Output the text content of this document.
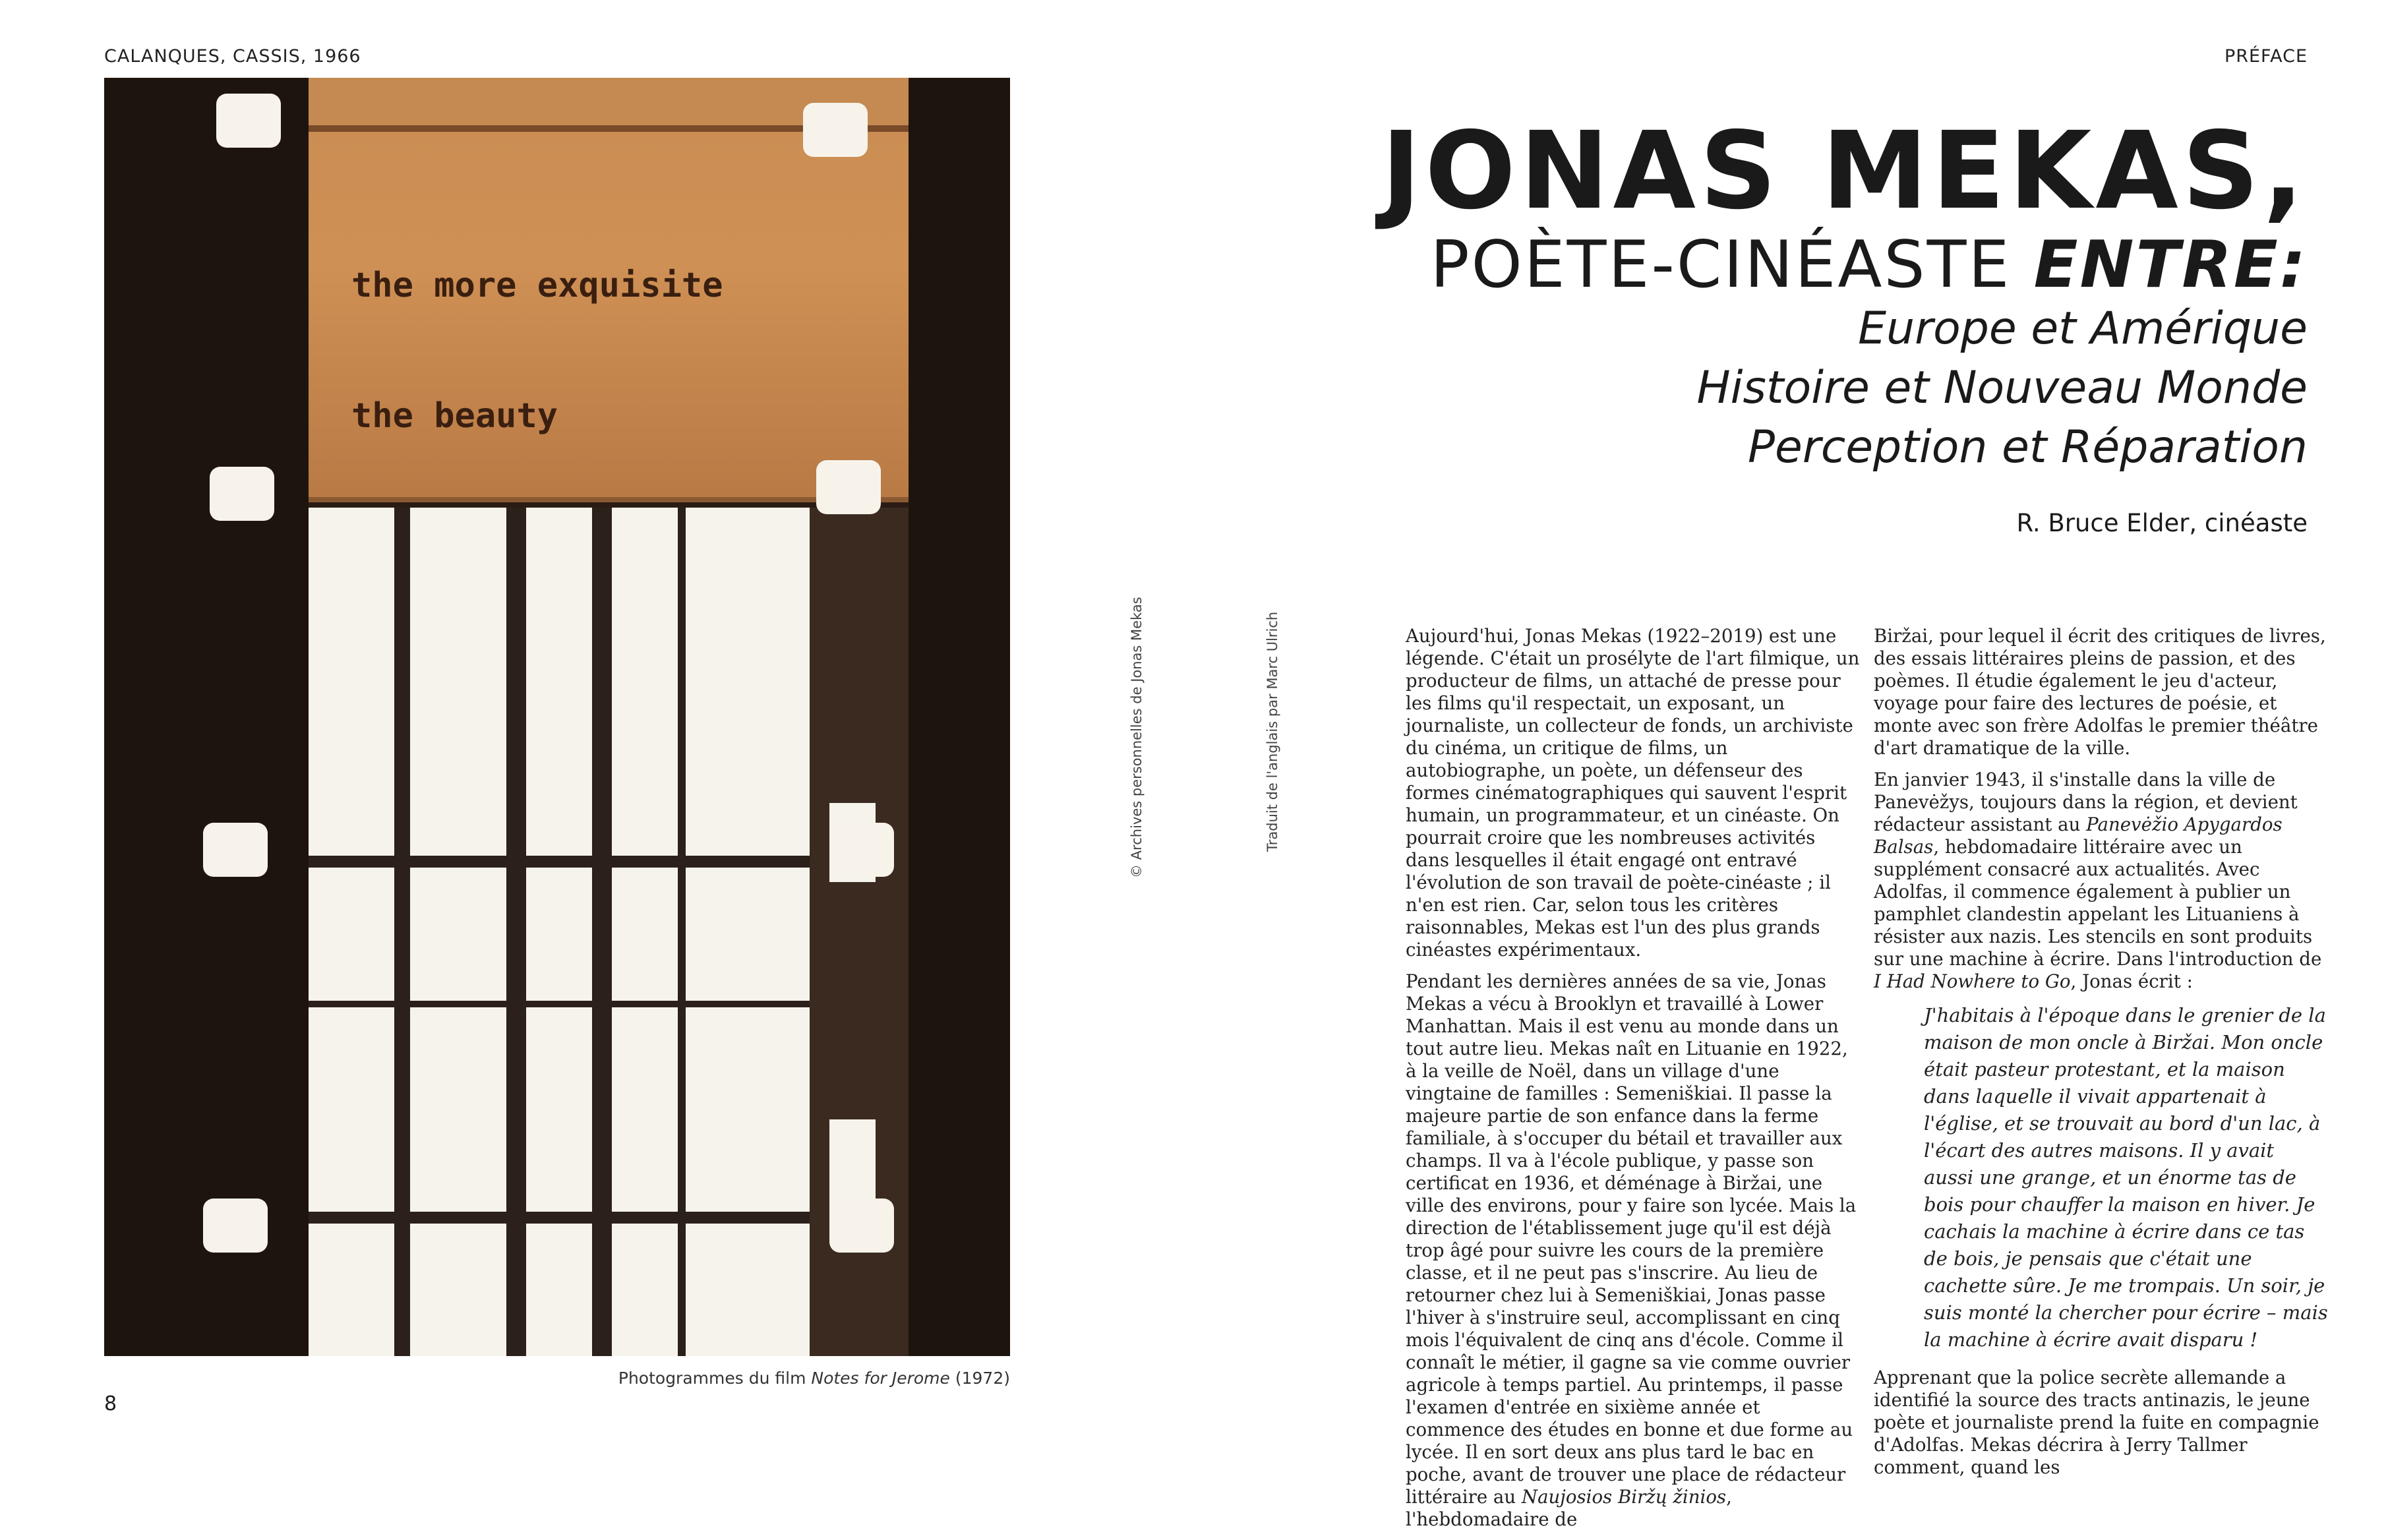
CALANQUES, CASSIS, 1966	PRÉFACE

the more exquisite

the beauty

Photogrammes du film Notes for Jerome (1972)
8
© Archives personnelles de Jonas Mekas	Traduit de l'anglais par Marc Ulrich
JONAS MEKAS,
POÈTE-CINÉASTE ENTRE:
Europe et Amérique
Histoire et Nouveau Monde
Perception et Réparation
R. Bruce Elder, cinéaste

Aujourd'hui, Jonas Mekas (1922–2019) est une légende. C'était un prosélyte de l'art filmique, un producteur de films, un attaché de presse pour les films qu'il respectait, un exposant, un journaliste, un collecteur de fonds, un archiviste du cinéma, un critique de films, un autobiographe, un poète, un défenseur des formes cinématographiques qui sauvent l'esprit humain, un programmateur, et un cinéaste. On pourrait croire que les nombreuses activités dans lesquelles il était engagé ont entravé l'évolution de son travail de poète-cinéaste ; il n'en est rien. Car, selon tous les critères raisonnables, Mekas est l'un des plus grands cinéastes expérimentaux.

Pendant les dernières années de sa vie, Jonas Mekas a vécu à Brooklyn et travaillé à Lower Manhattan. Mais il est venu au monde dans un tout autre lieu. Mekas naît en Lituanie en 1922, à la veille de Noël, dans un village d'une vingtaine de familles : Semeniškiai. Il passe la majeure partie de son enfance dans la ferme familiale, à s'occuper du bétail et travailler aux champs. Il va à l'école publique, y passe son certificat en 1936, et déménage à Biržai, une ville des environs, pour y faire son lycée. Mais la direction de l'établissement juge qu'il est déjà trop âgé pour suivre les cours de la première classe, et il ne peut pas s'inscrire. Au lieu de retourner chez lui à Semeniškiai, Jonas passe l'hiver à s'instruire seul, accomplissant en cinq mois l'équivalent de cinq ans d'école. Comme il connaît le métier, il gagne sa vie comme ouvrier agricole à temps partiel. Au printemps, il passe l'examen d'entrée en sixième année et commence des études en bonne et due forme au lycée. Il en sort deux ans plus tard le bac en poche, avant de trouver une place de rédacteur littéraire au Naujosios Biržų žinios, l'hebdomadaire de

Biržai, pour lequel il écrit des critiques de livres, des essais littéraires pleins de passion, et des poèmes. Il étudie également le jeu d'acteur, voyage pour faire des lectures de poésie, et monte avec son frère Adolfas le premier théâtre d'art dramatique de la ville.

En janvier 1943, il s'installe dans la ville de Panevėžys, toujours dans la région, et devient rédacteur assistant au Panevėžio Apygardos Balsas, hebdomadaire littéraire avec un supplément consacré aux actualités. Avec Adolfas, il commence également à publier un pamphlet clandestin appelant les Lituaniens à résister aux nazis. Les stencils en sont produits sur une machine à écrire. Dans l'introduction de I Had Nowhere to Go, Jonas écrit :

J'habitais à l'époque dans le grenier de la maison de mon oncle à Biržai. Mon oncle était pasteur protestant, et la maison dans laquelle il vivait appartenait à l'église, et se trouvait au bord d'un lac, à l'écart des autres maisons. Il y avait aussi une grange, et un énorme tas de bois pour chauffer la maison en hiver. Je cachais la machine à écrire dans ce tas de bois, je pensais que c'était une cachette sûre. Je me trompais. Un soir, je suis monté la chercher pour écrire – mais la machine à écrire avait disparu !

Apprenant que la police secrète allemande a identifié la source des tracts antinazis, le jeune poète et journaliste prend la fuite en compagnie d'Adolfas. Mekas décrira à Jerry Tallmer comment, quand les
